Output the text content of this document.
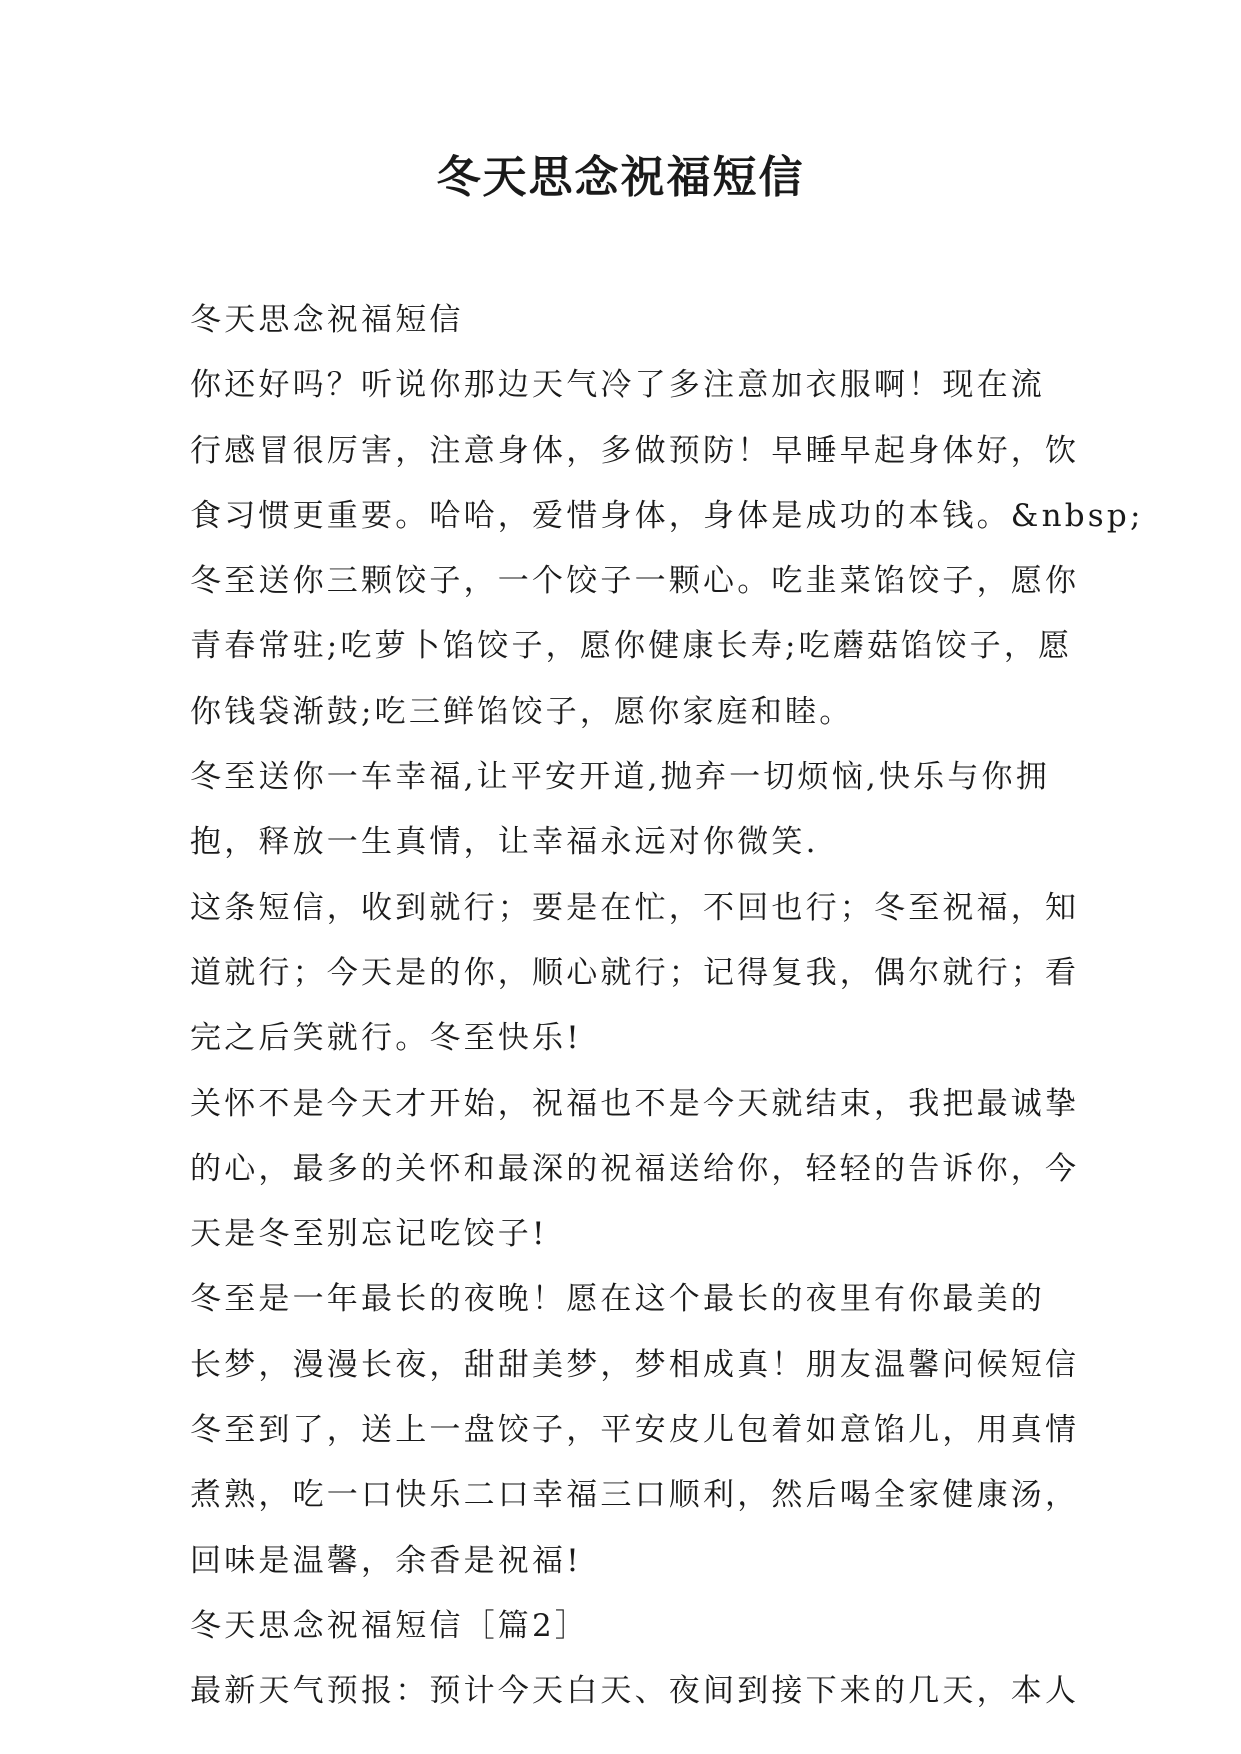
冬天思念祝福短信

冬天思念祝福短信

你还好吗？听说你那边天气冷了多注意加衣服啊！现在流

行感冒很厉害，注意身体，多做预防！早睡早起身体好，饮

食习惯更重要。哈哈，爱惜身体，身体是成功的本钱。&nbsp;

冬至送你三颗饺子，一个饺子一颗心。吃韭菜馅饺子，愿你

青春常驻;吃萝卜馅饺子，愿你健康长寿;吃蘑菇馅饺子，愿

你钱袋渐鼓;吃三鲜馅饺子，愿你家庭和睦。

冬至送你一车幸福,让平安开道,抛弃一切烦恼,快乐与你拥

抱，释放一生真情，让幸福永远对你微笑.

这条短信，收到就行；要是在忙，不回也行；冬至祝福，知

道就行；今天是的你，顺心就行；记得复我，偶尔就行；看

完之后笑就行。冬至快乐!

关怀不是今天才开始，祝福也不是今天就结束，我把最诚挚

的心，最多的关怀和最深的祝福送给你，轻轻的告诉你，今

天是冬至别忘记吃饺子!

冬至是一年最长的夜晚！愿在这个最长的夜里有你最美的

长梦，漫漫长夜，甜甜美梦，梦相成真！朋友温馨问候短信

冬至到了，送上一盘饺子，平安皮儿包着如意馅儿，用真情

煮熟，吃一口快乐二口幸福三口顺利，然后喝全家健康汤，

回味是温馨，余香是祝福!

冬天思念祝福短信［篇2］

最新天气预报：预计今天白天、夜间到接下来的几天，本人
